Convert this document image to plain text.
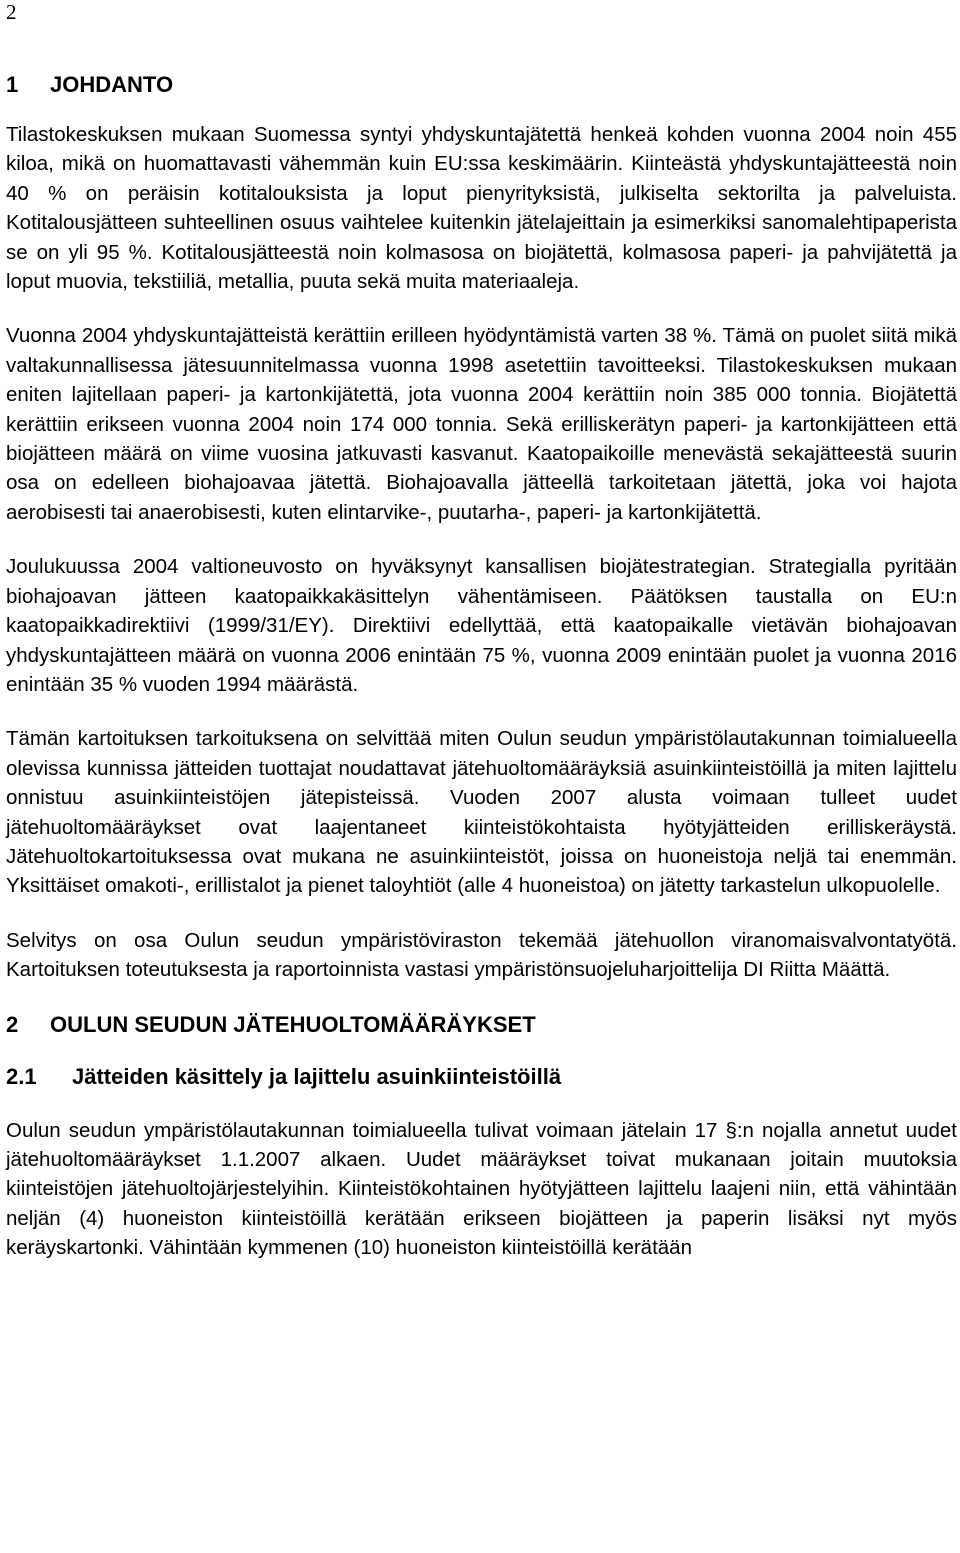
2
1 JOHDANTO

Tilastokeskuksen mukaan Suomessa syntyi yhdyskuntajätettä henkeä kohden vuonna 2004 noin 455 kiloa, mikä on huomattavasti vähemmän kuin EU:ssa keskimäärin. Kiinteästä yhdyskuntajätteestä noin 40 % on peräisin kotitalouksista ja loput pienyrityksistä, julkiselta sektorilta ja palveluista. Kotitalousjätteen suhteellinen osuus vaihtelee kuitenkin jätelajeittain ja esimerkiksi sanomalehtipaperista se on yli 95 %. Kotitalousjätteestä noin kolmasosa on biojätettä, kolmasosa paperi- ja pahvijätettä ja loput muovia, tekstiiliä, metallia, puuta sekä muita materiaaleja.

Vuonna 2004 yhdyskuntajätteistä kerättiin erilleen hyödyntämistä varten 38 %. Tämä on puolet siitä mikä valtakunnallisessa jätesuunnitelmassa vuonna 1998 asetettiin tavoitteeksi. Tilastokeskuksen mukaan eniten lajitellaan paperi- ja kartonkijätettä, jota vuonna 2004 kerättiin noin 385 000 tonnia. Biojätettä kerättiin erikseen vuonna 2004 noin 174 000 tonnia. Sekä erilliskerätyn paperi- ja kartonkijätteen että biojätteen määrä on viime vuosina jatkuvasti kasvanut. Kaatopaikoille menevästä sekajätteestä suurin osa on edelleen biohajoavaa jätettä. Biohajoavalla jätteellä tarkoitetaan jätettä, joka voi hajota aerobisesti tai anaerobisesti, kuten elintarvike-, puutarha-, paperi- ja kartonkijätettä.

Joulukuussa 2004 valtioneuvosto on hyväksynyt kansallisen biojätestrategian. Strategialla pyritään biohajoavan jätteen kaatopaikkakäsittelyn vähentämiseen. Päätöksen taustalla on EU:n kaatopaikkadirektiivi (1999/31/EY). Direktiivi edellyttää, että kaatopaikalle vietävän biohajoavan yhdyskuntajätteen määrä on vuonna 2006 enintään 75 %, vuonna 2009 enintään puolet ja vuonna 2016 enintään 35 % vuoden 1994 määrästä.

Tämän kartoituksen tarkoituksena on selvittää miten Oulun seudun ympäristölautakunnan toimialueella olevissa kunnissa jätteiden tuottajat noudattavat jätehuoltomääräyksiä asuinkiinteistöillä ja miten lajittelu onnistuu asuinkiinteistöjen jätepisteissä. Vuoden 2007 alusta voimaan tulleet uudet jätehuoltomääräykset ovat laajentaneet kiinteistökohtaista hyötyjätteiden erilliskeräystä. Jätehuoltokartoituksessa ovat mukana ne asuinkiinteistöt, joissa on huoneistoja neljä tai enemmän. Yksittäiset omakoti-, erillistalot ja pienet taloyhtiöt (alle 4 huoneistoa) on jätetty tarkastelun ulkopuolelle.

Selvitys on osa Oulun seudun ympäristöviraston tekemää jätehuollon viranomaisvalvontatyötä. Kartoituksen toteutuksesta ja raportoinnista vastasi ympäristönsuojeluharjoittelija DI Riitta Määttä.

2 OULUN SEUDUN JÄTEHUOLTOMÄÄRÄYKSET
2.1 Jätteiden käsittely ja lajittelu asuinkiinteistöillä

Oulun seudun ympäristölautakunnan toimialueella tulivat voimaan jätelain 17 §:n nojalla annetut uudet jätehuoltomääräykset 1.1.2007 alkaen. Uudet määräykset toivat mukanaan joitain muutoksia kiinteistöjen jätehuoltojärjestelyihin. Kiinteistökohtainen hyötyjätteen lajittelu laajeni niin, että vähintään neljän (4) huoneiston kiinteistöillä kerätään erikseen biojätteen ja paperin lisäksi nyt myös keräyskartonki. Vähintään kymmenen (10) huoneiston kiinteistöillä kerätään
